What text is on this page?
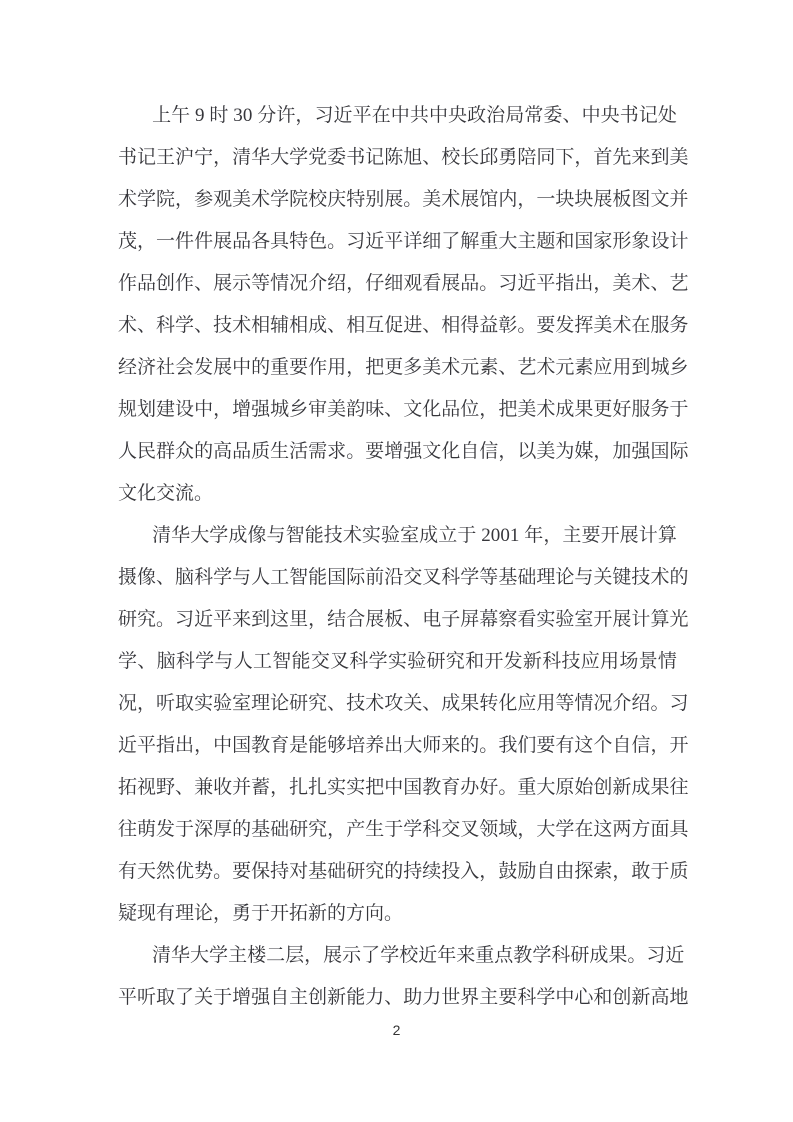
上 午
9
时
3 0
分 许 ， 习 近 平 在 中 共 中 央 政 治 局 常 委 、 中 央 书 记 处
书 记 王 沪 宁 ， 清 华 大 学 党 委 书 记 陈 旭 、 校 长 邱 勇 陪 同 下 ， 首 先 来 到 美
术 学 院 ， 参 观 美 术 学 院 校 庆 特 别 展 。 美 术 展 馆 内 ， 一 块 块 展 板 图 文 并
茂 ， 一 件 件 展 品 各 具 特 色 。 习 近 平 详 细 了 解 重 大 主 题 和 国 家 形 象 设 计
作 品 创 作 、 展 示 等 情 况 介 绍 ， 仔 细 观 看 展 品 。 习 近 平 指 出 ， 美 术 、 艺
术 、 科 学 、 技 术 相 辅 相 成 、 相 互 促 进 、 相 得 益 彰 。 要 发 挥 美 术 在 服 务
经 济 社 会 发 展 中 的 重 要 作 用 ， 把 更 多 美 术 元 素 、 艺 术 元 素 应 用 到 城 乡
规 划 建 设 中 ， 增 强 城 乡 审 美 韵 味 、 文 化 品 位 ， 把 美 术 成 果 更 好 服 务 于
人 民 群 众 的 高 品 质 生 活 需 求 。 要 增 强 文 化 自 信 ， 以 美 为 媒 ， 加 强 国 际
文化交流。
清 华 大 学 成 像 与 智 能 技 术 实 验 室 成 立 于
2 0 0 1
年 ， 主 要 开 展 计 算
摄 像 、 脑 科 学 与 人 工 智 能 国 际 前 沿 交 叉 科 学 等 基 础 理 论 与 关 键 技 术 的
研 究 。 习 近 平 来 到 这 里 ， 结 合 展 板 、 电 子 屏 幕 察 看 实 验 室 开 展 计 算 光
学 、 脑 科 学 与 人 工 智 能 交 叉 科 学 实 验 研 究 和 开 发 新 科 技 应 用 场 景 情
况 ， 听 取 实 验 室 理 论 研 究 、 技 术 攻 关 、 成 果 转 化 应 用 等 情 况 介 绍 。 习
近 平 指 出 ， 中 国 教 育 是 能 够 培 养 出 大 师 来 的 。 我 们 要 有 这 个 自 信 ， 开
拓 视 野 、 兼 收 并 蓄 ， 扎 扎 实 实 把 中 国 教 育 办 好 。 重 大 原 始 创 新 成 果 往
往 萌 发 于 深 厚 的 基 础 研 究 ， 产 生 于 学 科 交 叉 领 域 ， 大 学 在 这 两 方 面 具
有 天 然 优 势 。 要 保 持 对 基 础 研 究 的 持 续 投 入 ， 鼓 励 自 由 探 索 ， 敢 于 质
疑现有理论，勇于开拓新的方向。
清 华 大 学 主 楼 二 层 ， 展 示 了 学 校 近 年 来 重 点 教 学 科 研 成 果 。 习 近
平 听 取 了 关 于 增 强 自 主 创 新 能 力 、 助 力 世 界 主 要 科 学 中 心 和 创 新 高 地
2
